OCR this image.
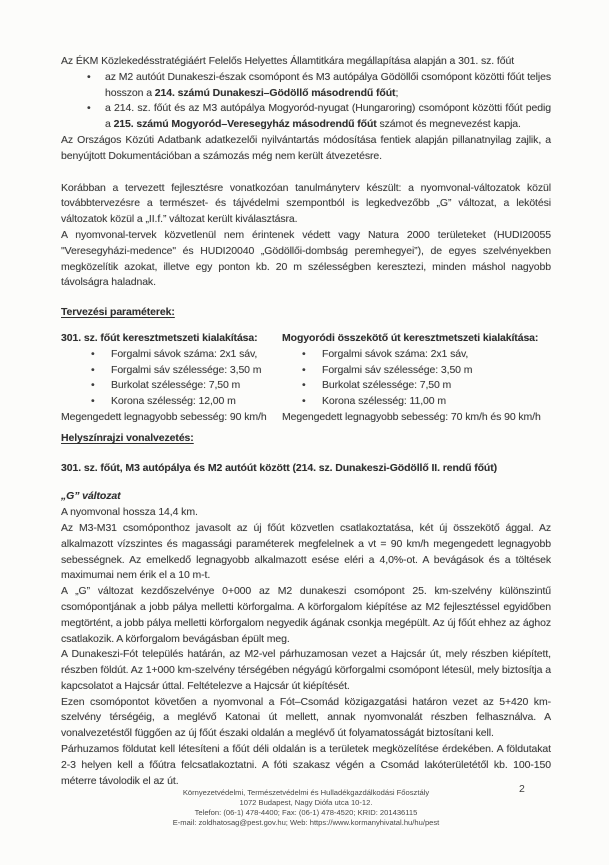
Az ÉKM Közlekedésstratégiáért Felelős Helyettes Államtitkára megállapítása alapján a 301. sz. főút
•	az M2 autóút Dunakeszi-észak csomópont és M3 autópálya Gödöllői csomópont közötti főút teljes hosszon a 214. számú Dunakeszi–Gödöllő másodrendű főút;
•	a 214. sz. főút és az M3 autópálya Mogyoród-nyugat (Hungaroring) csomópont közötti főút pedig a 215. számú Mogyoród–Veresegyház másodrendű főút számot és megnevezést kapja.
Az Országos Közúti Adatbank adatkezelői nyilvántartás módosítása fentiek alapján pillanatnyilag zajlik, a benyújtott Dokumentációban a számozás még nem került átvezetésre.
Korábban a tervezett fejlesztésre vonatkozóan tanulmányterv készült: a nyomvonal-változatok közül továbbtervezésre a természet- és tájvédelmi szempontból is legkedvezőbb „G” változat, a lekötési változatok közül a „II.f.” változat került kiválasztásra.
A nyomvonal-tervek közvetlenül nem érintenek védett vagy Natura 2000 területeket (HUDI20055 "Veresegyházi-medence" és HUDI20040 „Gödöllői-dombság peremhegyei”), de egyes szelvényekben megközelítik azokat, illetve egy ponton kb. 20 m szélességben keresztezi, minden máshol nagyobb távolságra haladnak.
Tervezési paraméterek:
301. sz. főút keresztmetszeti kialakítása:
•	Forgalmi sávok száma: 2x1 sáv,
•	Forgalmi sáv szélessége: 3,50 m
•	Burkolat szélessége: 7,50 m
•	Korona szélesség: 12,00 m
Megengedett legnagyobb sebesség: 90 km/h
Mogyoródi összekötő út keresztmetszeti kialakítása:
•	Forgalmi sávok száma: 2x1 sáv,
•	Forgalmi sáv szélessége: 3,50 m
•	Burkolat szélessége: 7,50 m
•	Korona szélesség: 11,00 m
Megengedett legnagyobb sebesség: 70 km/h és 90 km/h
Helyszínrajzi vonalvezetés:
301. sz. főút, M3 autópálya és M2 autóút között (214. sz. Dunakeszi-Gödöllő II. rendű főút)
„G” változat
A nyomvonal hossza 14,4 km.
Az M3-M31 csomóponthoz javasolt az új főút közvetlen csatlakoztatása, két új összekötő ággal. Az alkalmazott vízszintes és magassági paraméterek megfelelnek a vt = 90 km/h megengedett legnagyobb sebességnek. Az emelkedő legnagyobb alkalmazott esése eléri a 4,0%-ot. A bevágások és a töltések maximumai nem érik el a 10 m-t.
A „G” változat kezdőszelvénye 0+000 az M2 dunakeszi csomópont 25. km-szelvény különszintű csomópontjának a jobb pálya melletti körforgalma. A körforgalom kiépítése az M2 fejlesztéssel egyidőben megtörtént, a jobb pálya melletti körforgalom negyedik ágának csonkja megépült. Az új főút ehhez az ághoz csatlakozik. A körforgalom bevágásban épült meg.
A Dunakeszi-Fót település határán, az M2-vel párhuzamosan vezet a Hajcsár út, mely részben kiépített, részben földút. Az 1+000 km-szelvény térségében négyágú körforgalmi csomópont létesül, mely biztosítja a kapcsolatot a Hajcsár úttal. Feltételezve a Hajcsár út kiépítését.
Ezen csomópontot követően a nyomvonal a Fót–Csomád közigazgatási határon vezet az 5+420 km-szelvény térségéig, a meglévő Katonai út mellett, annak nyomvonalát részben felhasználva. A vonalvezetéstől függően az új főút északi oldalán a meglévő út folyamatosságát biztosítani kell.
Párhuzamos földutat kell létesíteni a főút déli oldalán is a területek megközelítése érdekében. A földutakat 2-3 helyen kell a főútra felcsatlakoztatni. A fóti szakasz végén a Csomád lakóterületétől kb. 100-150 méterre távolodik el az út.
Környezetvédelmi, Természetvédelmi és Hulladékgazdálkodási Főosztály
1072 Budapest, Nagy Diófa utca 10-12.
Telefon: (06-1) 478-4400; Fax: (06-1) 478-4520; KRID: 201436115
E-mail: zoldhatosag@pest.gov.hu; Web: https://www.kormanyhivatal.hu/hu/pest
2
